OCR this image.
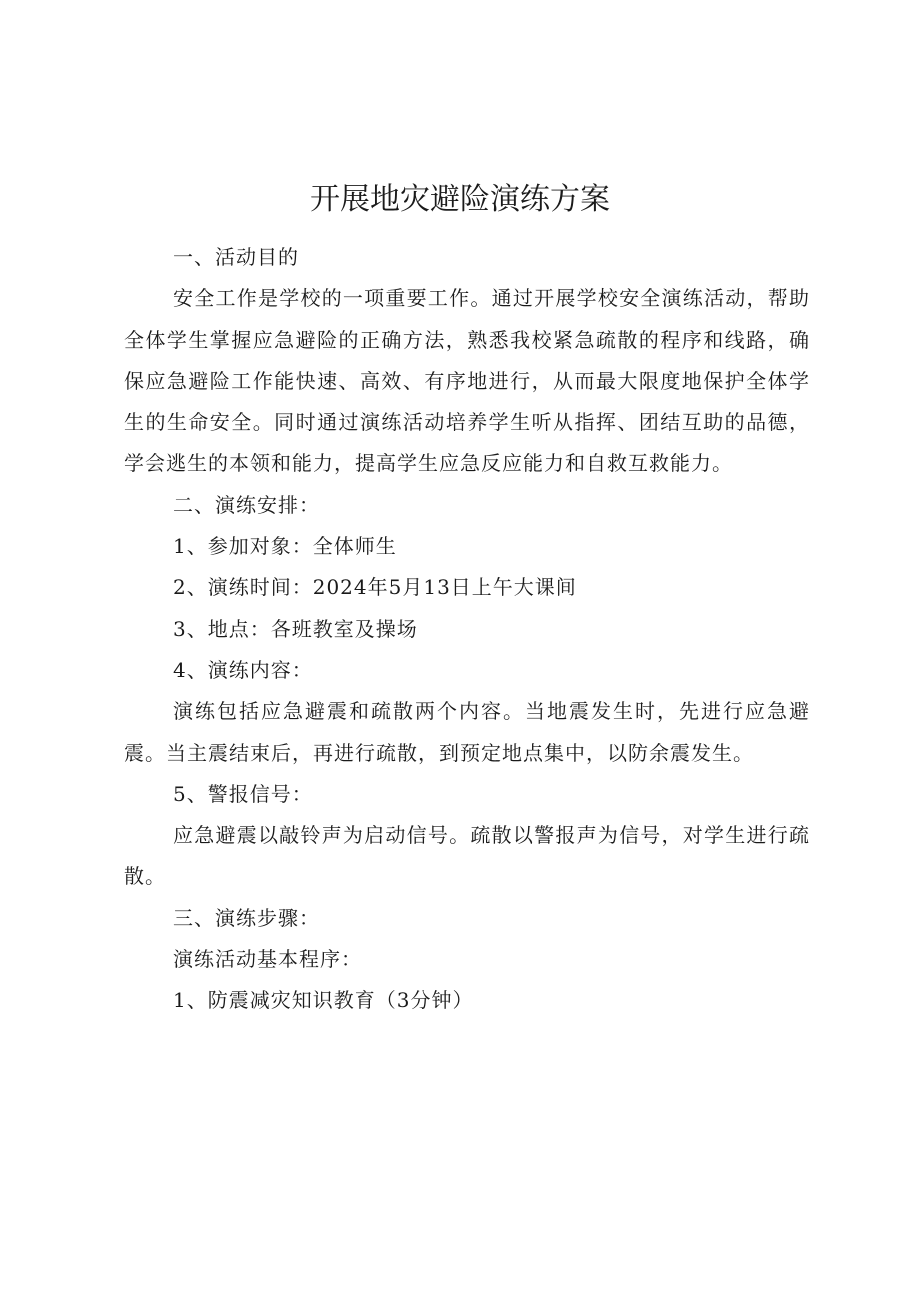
开展地灾避险演练方案

一、活动目的

安全工作是学校的一项重要工作。通过开展学校安全演练活动，帮助全体学生掌握应急避险的正确方法，熟悉我校紧急疏散的程序和线路，确保应急避险工作能快速、高效、有序地进行，从而最大限度地保护全体学生的生命安全。同时通过演练活动培养学生听从指挥、团结互助的品德，学会逃生的本领和能力，提高学生应急反应能力和自救互救能力。

二、演练安排：

1、参加对象：全体师生

2、演练时间：2024年5月13日上午大课间

3、地点：各班教室及操场

4、演练内容：

演练包括应急避震和疏散两个内容。当地震发生时，先进行应急避震。当主震结束后，再进行疏散，到预定地点集中，以防余震发生。

5、警报信号：

应急避震以敲铃声为启动信号。疏散以警报声为信号，对学生进行疏散。

三、演练步骤：

演练活动基本程序：

1、防震减灾知识教育（3分钟）
